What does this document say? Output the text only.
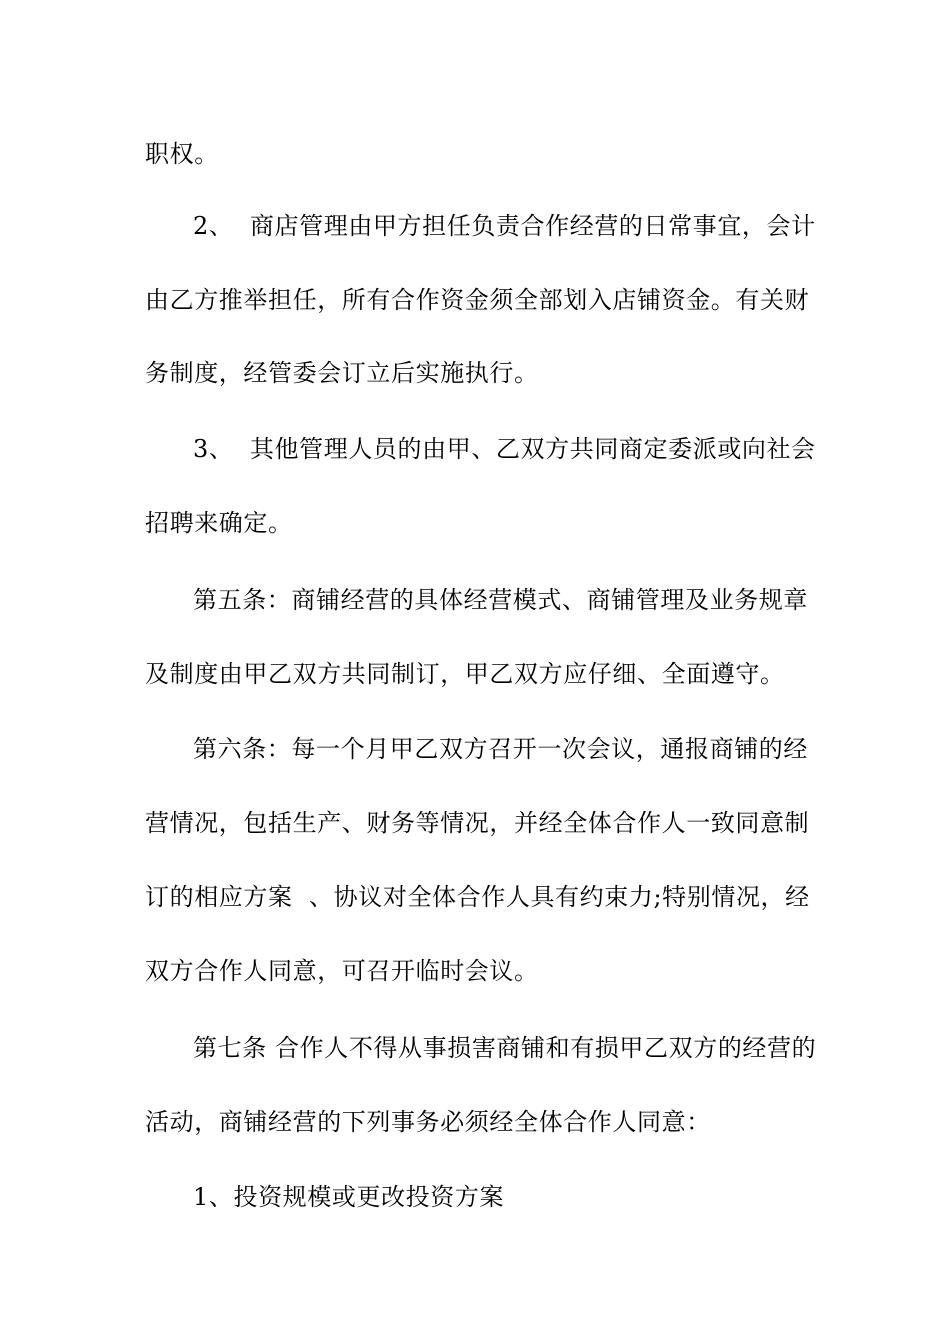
职权。
2、  商店管理由甲方担任负责合作经营的日常事宜，会计
由乙方推举担任，所有合作资金须全部划入店铺资金。有关财
务制度，经管委会订立后实施执行。
3、  其他管理人员的由甲、乙双方共同商定委派或向社会
招聘来确定。
第五条：商铺经营的具体经营模式、商铺管理及业务规章
及制度由甲乙双方共同制订，甲乙双方应仔细、全面遵守。
第六条：每一个月甲乙双方召开一次会议，通报商铺的经
营情况，包括生产、财务等情况，并经全体合作人一致同意制
订的相应方案  、协议对全体合作人具有约束力;特别情况，经
双方合作人同意，可召开临时会议。
第七条 合作人不得从事损害商铺和有损甲乙双方的经营的
活动，商铺经营的下列事务必须经全体合作人同意：
1、投资规模或更改投资方案
